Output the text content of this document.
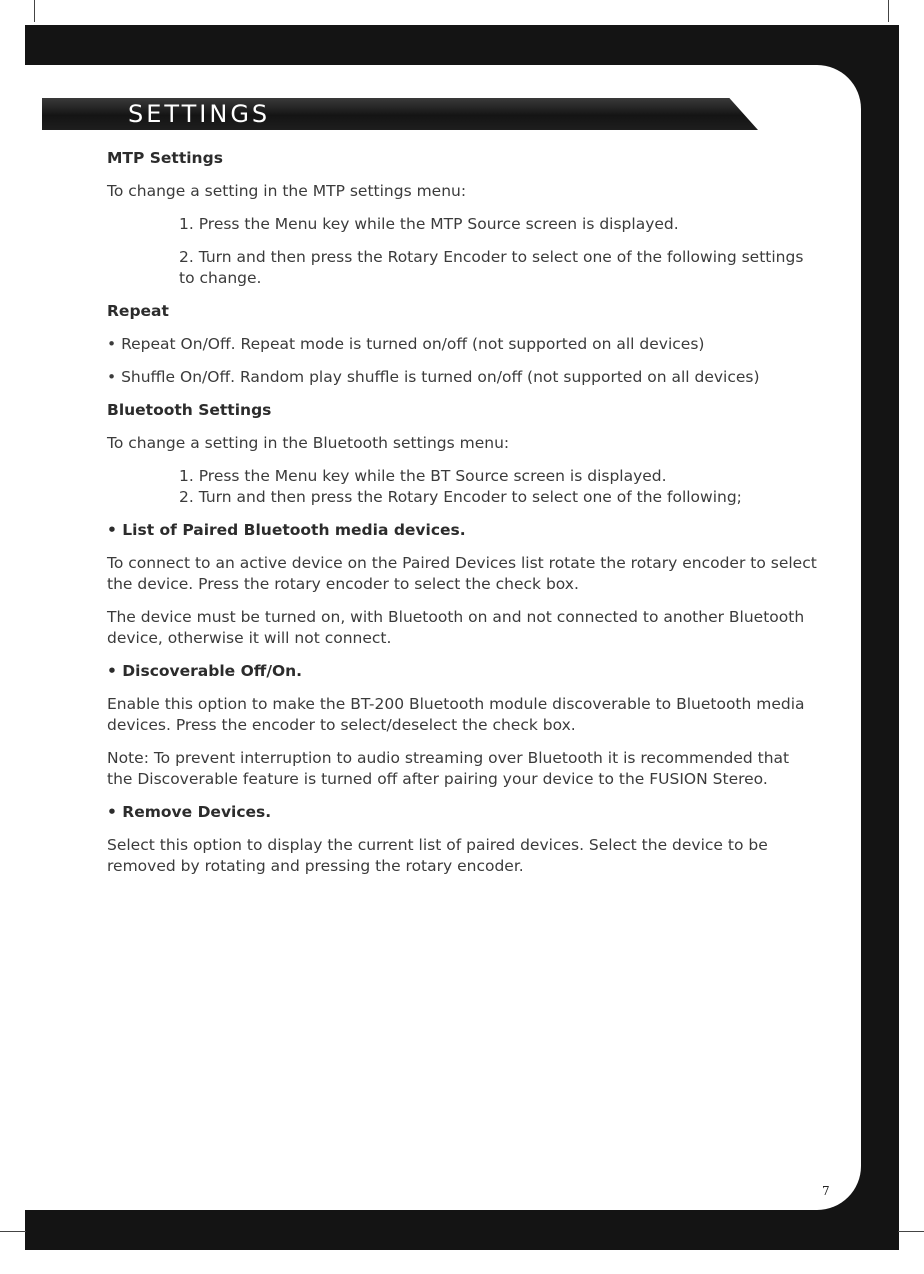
SETTINGS

MTP Settings

To change a setting in the MTP settings menu:

1. Press the Menu key while the MTP Source screen is displayed.

2. Turn and then press the Rotary Encoder to select one of the following settings to change.

Repeat

• Repeat On/Off. Repeat mode is turned on/off (not supported on all devices)

• Shuffle On/Off. Random play shuffle is turned on/off (not supported on all devices)

Bluetooth Settings

To change a setting in the Bluetooth settings menu:

1. Press the Menu key while the BT Source screen is displayed.

2. Turn and then press the Rotary Encoder to select one of the following;

• List of Paired Bluetooth media devices.

To connect to an active device on the Paired Devices list rotate the rotary encoder to select the device. Press the rotary encoder to select the check box.

The device must be turned on, with Bluetooth on and not connected to another Bluetooth device, otherwise it will not connect.

• Discoverable Off/On.

Enable this option to make the BT-200 Bluetooth module discoverable to Bluetooth media devices. Press the encoder to select/deselect the check box.

Note: To prevent interruption to audio streaming over Bluetooth it is recommended that the Discoverable feature is turned off after pairing your device to the FUSION Stereo.

• Remove Devices.

Select this option to display the current list of paired devices. Select the device to be removed by rotating and pressing the rotary encoder.

7
